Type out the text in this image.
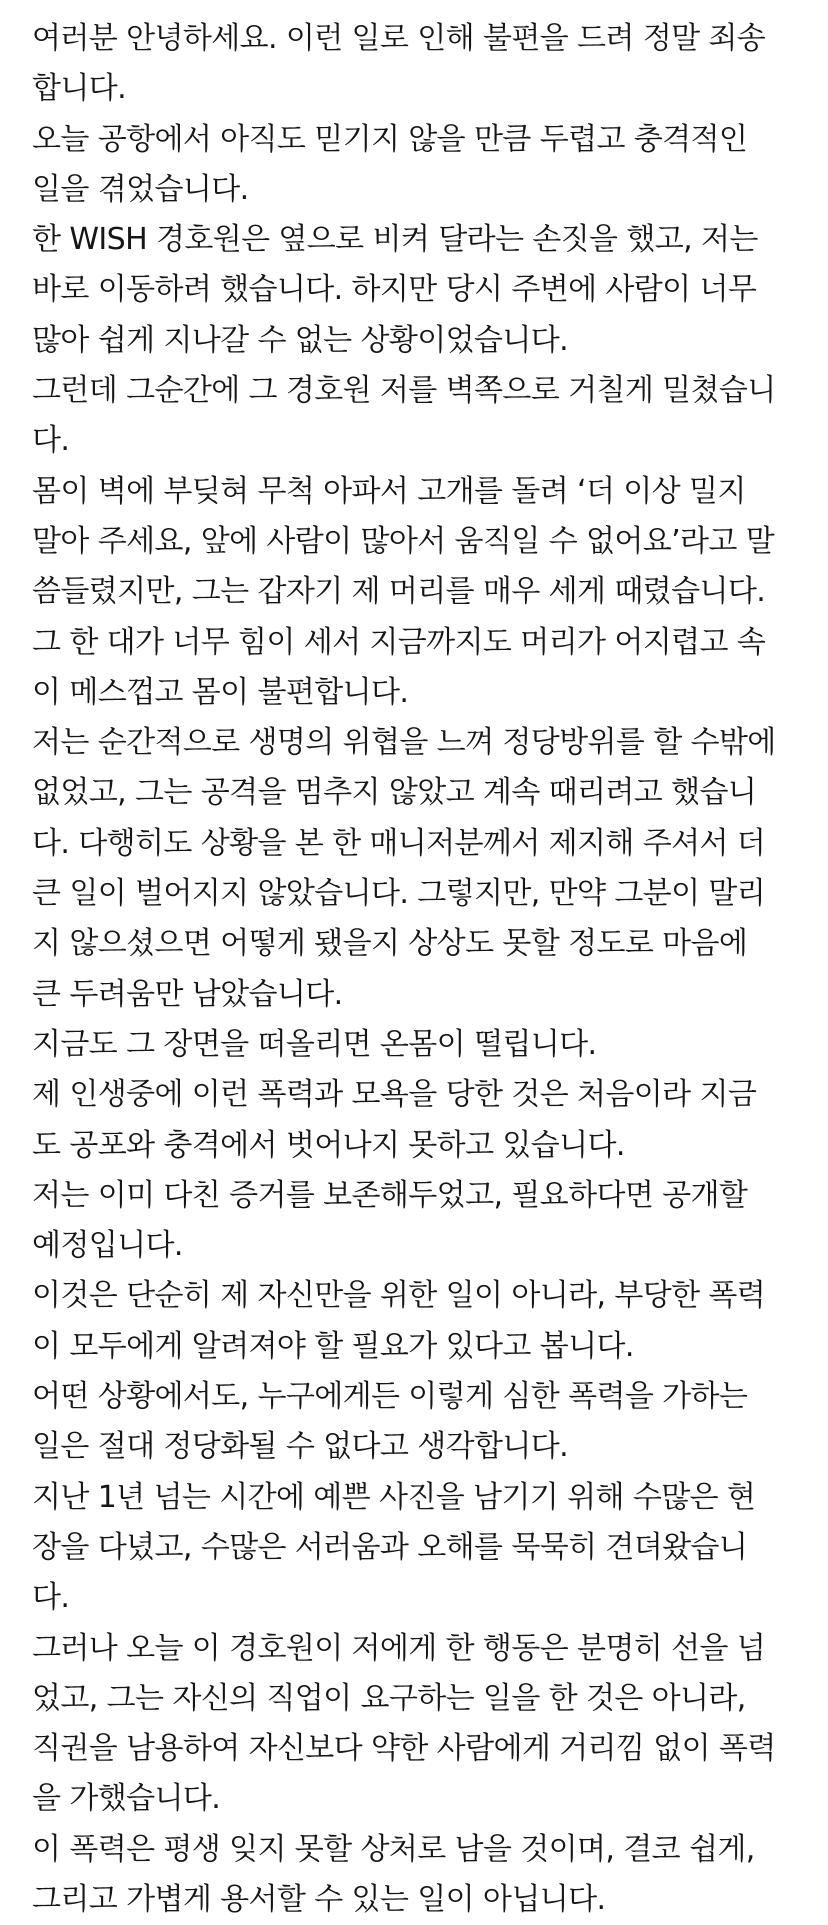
여러분 안녕하세요. 이런 일로 인해 불편을 드려 정말 죄송
합니다.
오늘 공항에서 아직도 믿기지 않을 만큼 두렵고 충격적인
일을 겪었습니다.
한 WISH 경호원은 옆으로 비켜 달라는 손짓을 했고, 저는
바로 이동하려 했습니다. 하지만 당시 주변에 사람이 너무
많아 쉽게 지나갈 수 없는 상황이었습니다.
그런데 그순간에 그 경호원 저를 벽쪽으로 거칠게 밀쳤습니
다.
몸이 벽에 부딪혀 무척 아파서 고개를 돌려 ‘더 이상 밀지
말아 주세요, 앞에 사람이 많아서 움직일 수 없어요’라고 말
씀들렸지만, 그는 갑자기 제 머리를 매우 세게 때렸습니다.
그 한 대가 너무 힘이 세서 지금까지도 머리가 어지렵고 속
이 메스껍고 몸이 불편합니다.
저는 순간적으로 생명의 위협을 느껴 정당방위를 할 수밖에
없었고, 그는 공격을 멈추지 않았고 계속 때리려고 했습니
다. 다행히도 상황을 본 한 매니저분께서 제지해 주셔서 더
큰 일이 벌어지지 않았습니다. 그렇지만, 만약 그분이 말리
지 않으셨으면 어떻게 됐을지 상상도 못할 정도로 마음에
큰 두려움만 남았습니다.
지금도 그 장면을 떠올리면 온몸이 떨립니다.
제 인생중에 이런 폭력과 모욕을 당한 것은 처음이라 지금
도 공포와 충격에서 벗어나지 못하고 있습니다.
저는 이미 다친 증거를 보존해두었고, 필요하다면 공개할
예정입니다.
이것은 단순히 제 자신만을 위한 일이 아니라, 부당한 폭력
이 모두에게 알려져야 할 필요가 있다고 봅니다.
어떤 상황에서도, 누구에게든 이렇게 심한 폭력을 가하는
일은 절대 정당화될 수 없다고 생각합니다.
지난 1년 넘는 시간에 예쁜 사진을 남기기 위해 수많은 현
장을 다녔고, 수많은 서러움과 오해를 묵묵히 견뎌왔습니
다.
그러나 오늘 이 경호원이 저에게 한 행동은 분명히 선을 넘
었고, 그는 자신의 직업이 요구하는 일을 한 것은 아니라,
직권을 남용하여 자신보다 약한 사람에게 거리낌 없이 폭력
을 가했습니다.
이 폭력은 평생 잊지 못할 상처로 남을 것이며, 결코 쉽게,
그리고 가볍게 용서할 수 있는 일이 아닙니다.
